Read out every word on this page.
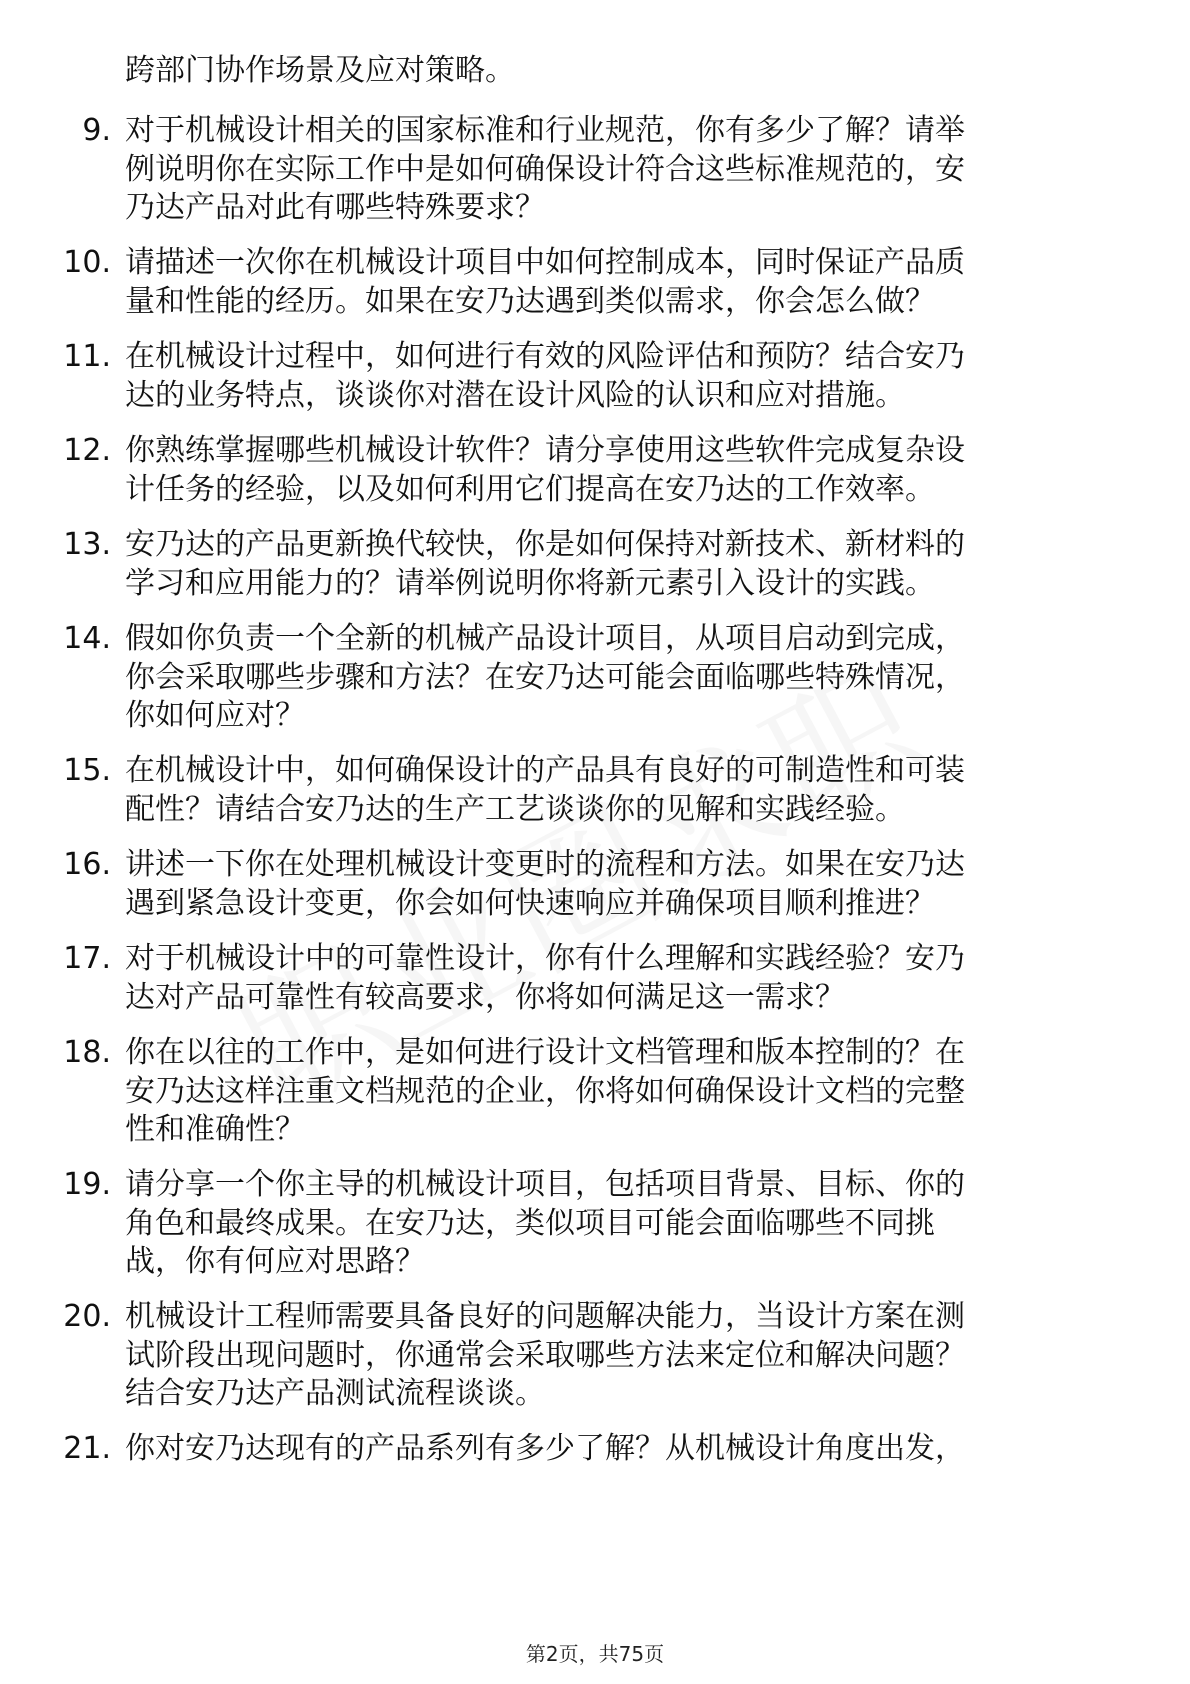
跨部门协作场景及应对策略。

9. 对于机械设计相关的国家标准和行业规范，你有多少了解？请举
例说明你在实际工作中是如何确保设计符合这些标准规范的，安
乃达产品对此有哪些特殊要求？

10. 请描述一次你在机械设计项目中如何控制成本，同时保证产品质
量和性能的经历。如果在安乃达遇到类似需求，你会怎么做？

11. 在机械设计过程中，如何进行有效的风险评估和预防？结合安乃
达的业务特点，谈谈你对潜在设计风险的认识和应对措施。

12. 你熟练掌握哪些机械设计软件？请分享使用这些软件完成复杂设
计任务的经验，以及如何利用它们提高在安乃达的工作效率。

13. 安乃达的产品更新换代较快，你是如何保持对新技术、新材料的
学习和应用能力的？请举例说明你将新元素引入设计的实践。

14. 假如你负责一个全新的机械产品设计项目，从项目启动到完成，
你会采取哪些步骤和方法？在安乃达可能会面临哪些特殊情况，
你如何应对？

15. 在机械设计中，如何确保设计的产品具有良好的可制造性和可装
配性？请结合安乃达的生产工艺谈谈你的见解和实践经验。

16. 讲述一下你在处理机械设计变更时的流程和方法。如果在安乃达
遇到紧急设计变更，你会如何快速响应并确保项目顺利推进？

17. 对于机械设计中的可靠性设计，你有什么理解和实践经验？安乃
达对产品可靠性有较高要求，你将如何满足这一需求？

18. 你在以往的工作中，是如何进行设计文档管理和版本控制的？在
安乃达这样注重文档规范的企业，你将如何确保设计文档的完整
性和准确性？

19. 请分享一个你主导的机械设计项目，包括项目背景、目标、你的
角色和最终成果。在安乃达，类似项目可能会面临哪些不同挑
战，你有何应对思路？

20. 机械设计工程师需要具备良好的问题解决能力，当设计方案在测
试阶段出现问题时，你通常会采取哪些方法来定位和解决问题？
结合安乃达产品测试流程谈谈。

21. 你对安乃达现有的产品系列有多少了解？从机械设计角度出发，

第2页，共75页
